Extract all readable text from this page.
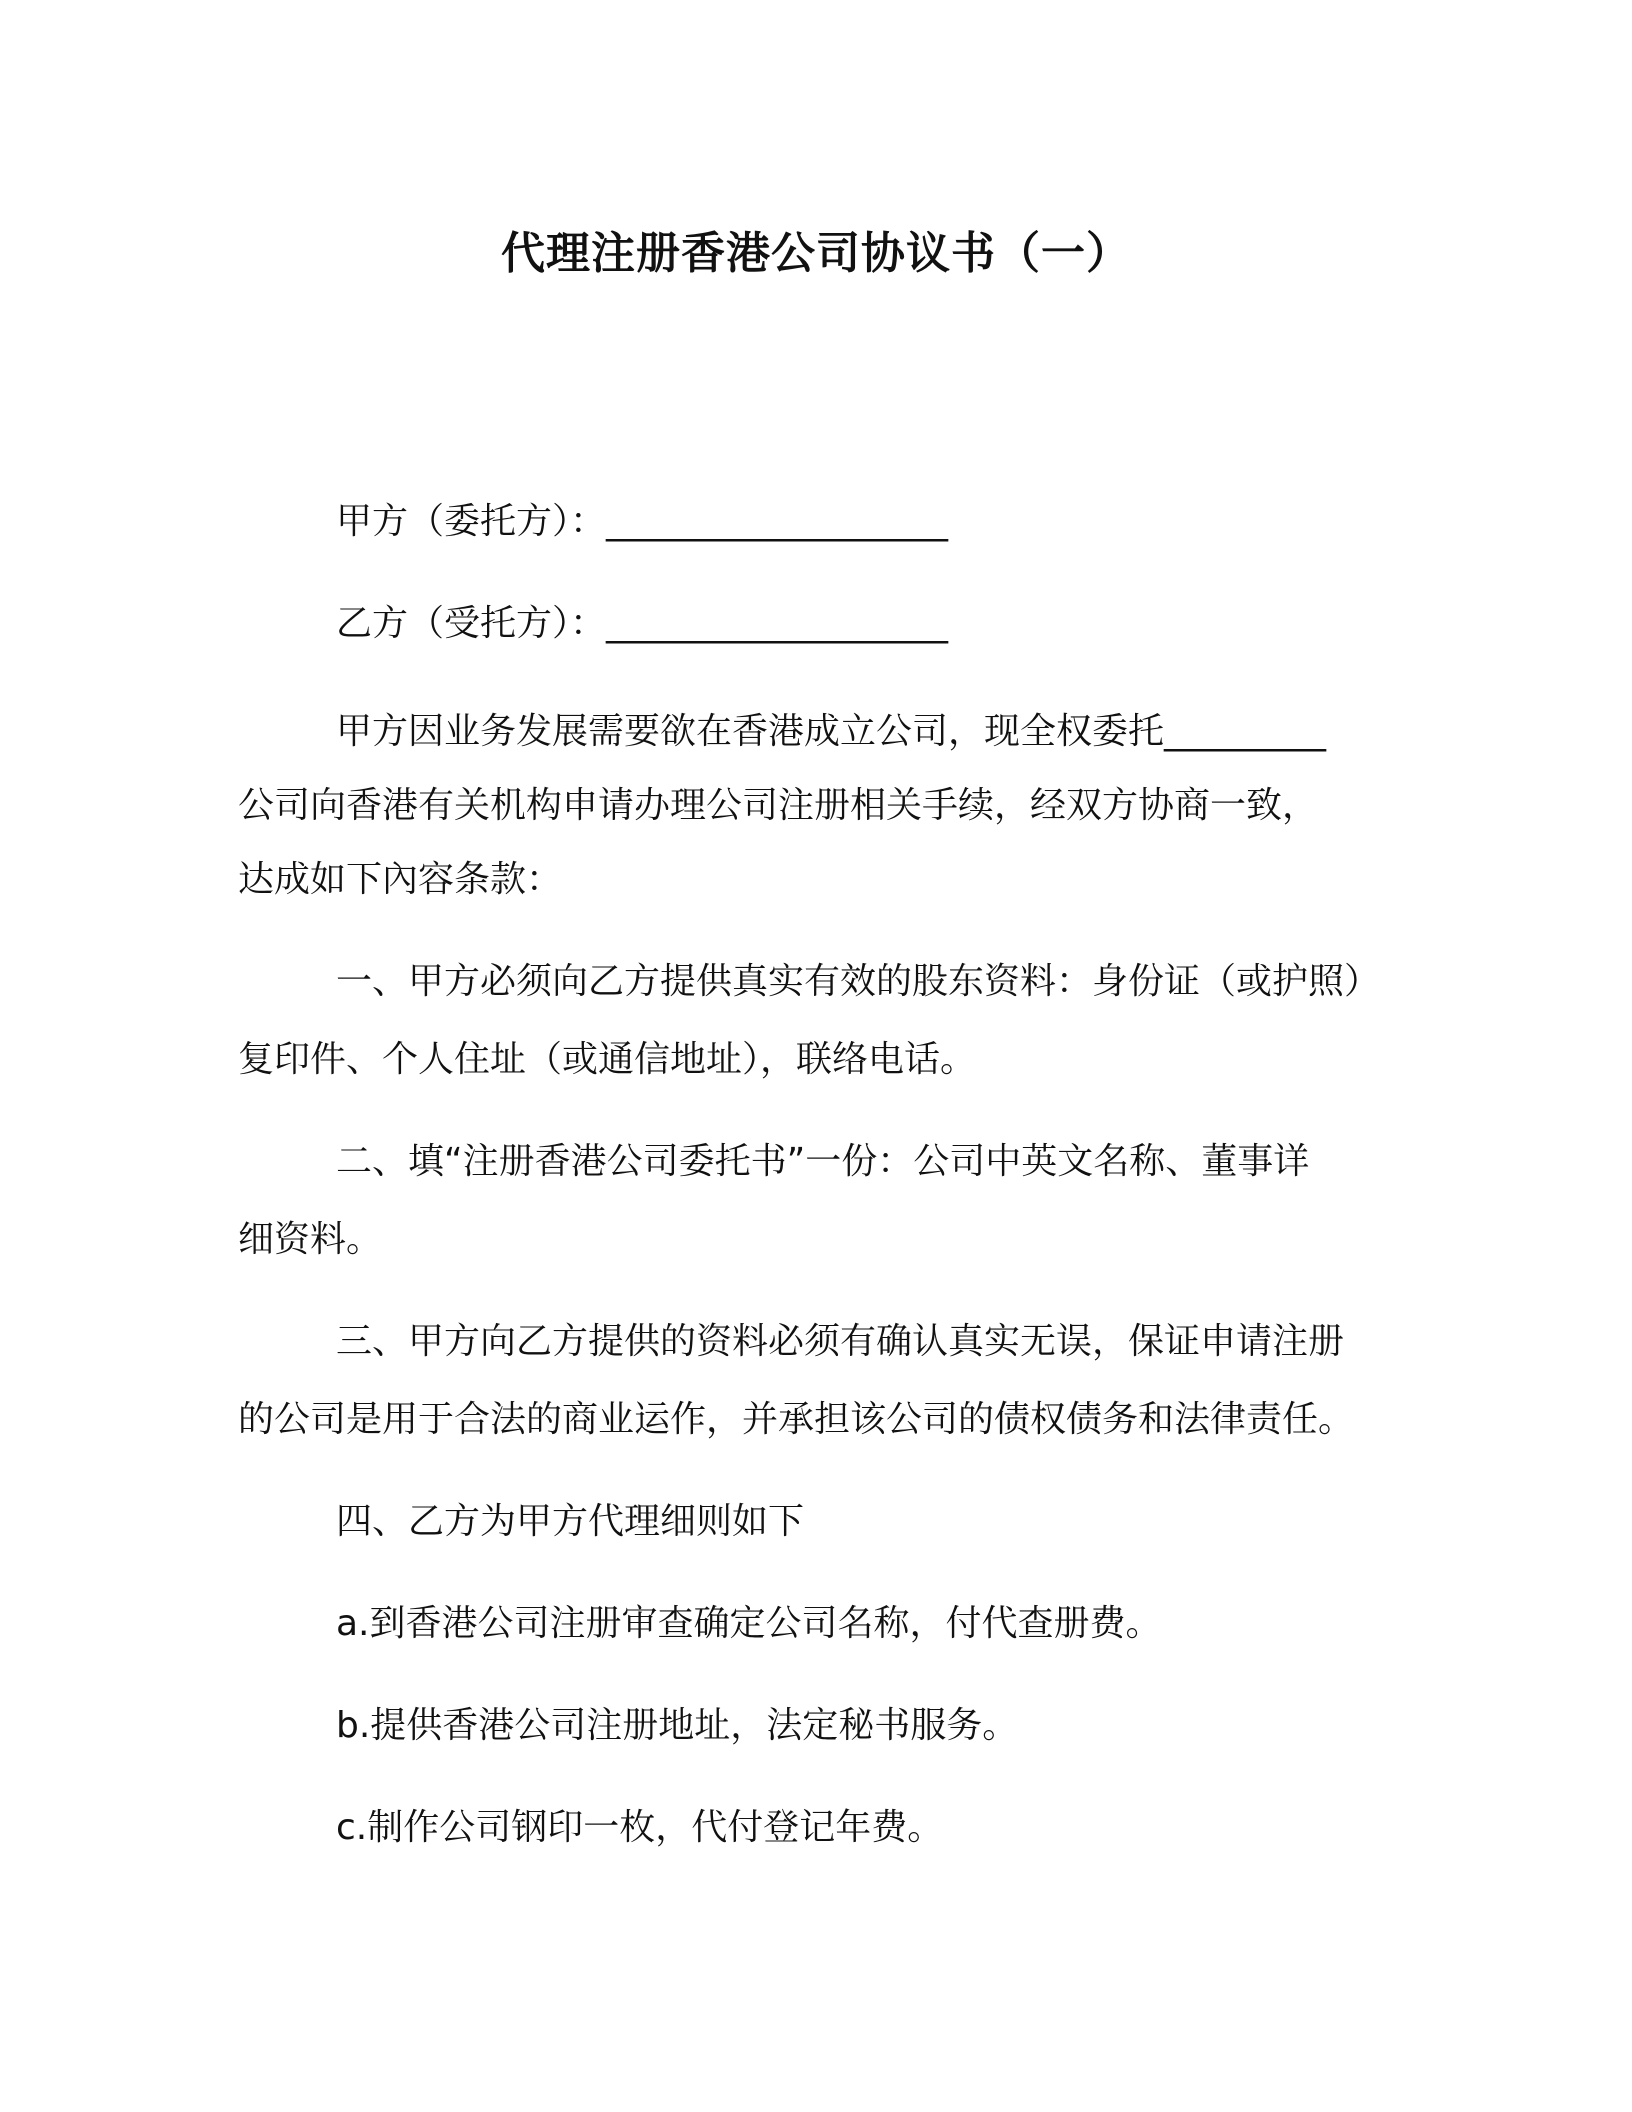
代理注册香港公司协议书（一）

甲方（委托方）：___________________

乙方（受托方）：___________________

甲方因业务发展需要欲在香港成立公司，现全权委托_________

公司向香港有关机构申请办理公司注册相关手续，经双方协商一致，

达成如下內容条款：

一、甲方必须向乙方提供真实有效的股东资料：身份证（或护照）

复印件、个人住址（或通信地址），联络电话。

二、填“注册香港公司委托书”一份：公司中英文名称、董事详

细资料。

三、甲方向乙方提供的资料必须有确认真实无误，保证申请注册

的公司是用于合法的商业运作，并承担该公司的债权债务和法律责任。

四、乙方为甲方代理细则如下

a.到香港公司注册审查确定公司名称，付代查册费。

b.提供香港公司注册地址，法定秘书服务。

c.制作公司钢印一枚，代付登记年费。
